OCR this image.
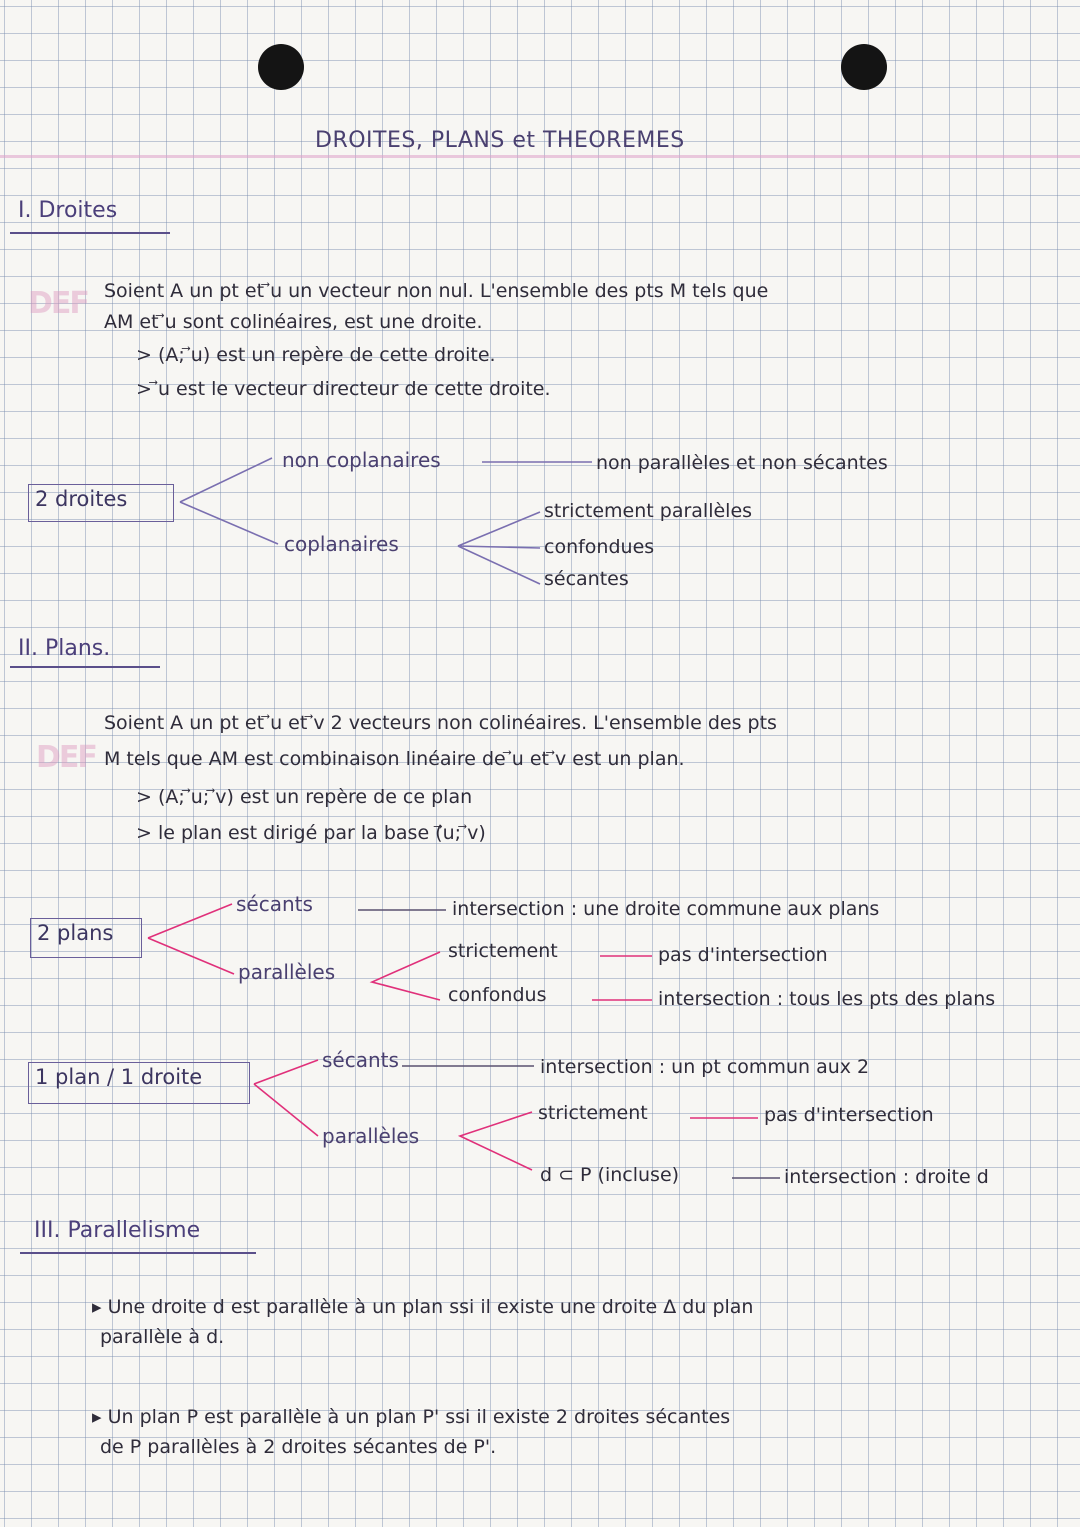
DROITES, PLANS et THEOREMES
I. Droites
DEF Soient A un pt et ⃗u un vecteur non nul. L'ensemble des pts M tels que
AM et ⃗u sont colinéaires, est une droite.
> (A; ⃗u) est un repère de cette droite.
> ⃗u est le vecteur directeur de cette droite.
2 droites
non coplanaires	non parallèles et non sécantes
coplanaires
strictement parallèles
confondues
sécantes
II. Plans.
DEF
Soient A un pt et ⃗u et ⃗v 2 vecteurs non colinéaires. L'ensemble des pts
M tels que AM est combinaison linéaire de ⃗u et ⃗v est un plan.
> (A; ⃗u; ⃗v) est un repère de ce plan
> le plan est dirigé par la base (⃗u; ⃗v)
2 plans
sécants	intersection : une droite commune aux plans
parallèles
strictement	pas d'intersection
confondus	intersection : tous les pts des plans
1 plan / 1 droite
sécants	intersection : un pt commun aux 2
parallèles
strictement	pas d'intersection
d ⊂ P (incluse)	intersection : droite d
III. Parallelisme
▸ Une droite d est parallèle à un plan ssi il existe une droite Δ du plan
parallèle à d.
▸ Un plan P est parallèle à un plan P' ssi il existe 2 droites sécantes
de P parallèles à 2 droites sécantes de P'.
